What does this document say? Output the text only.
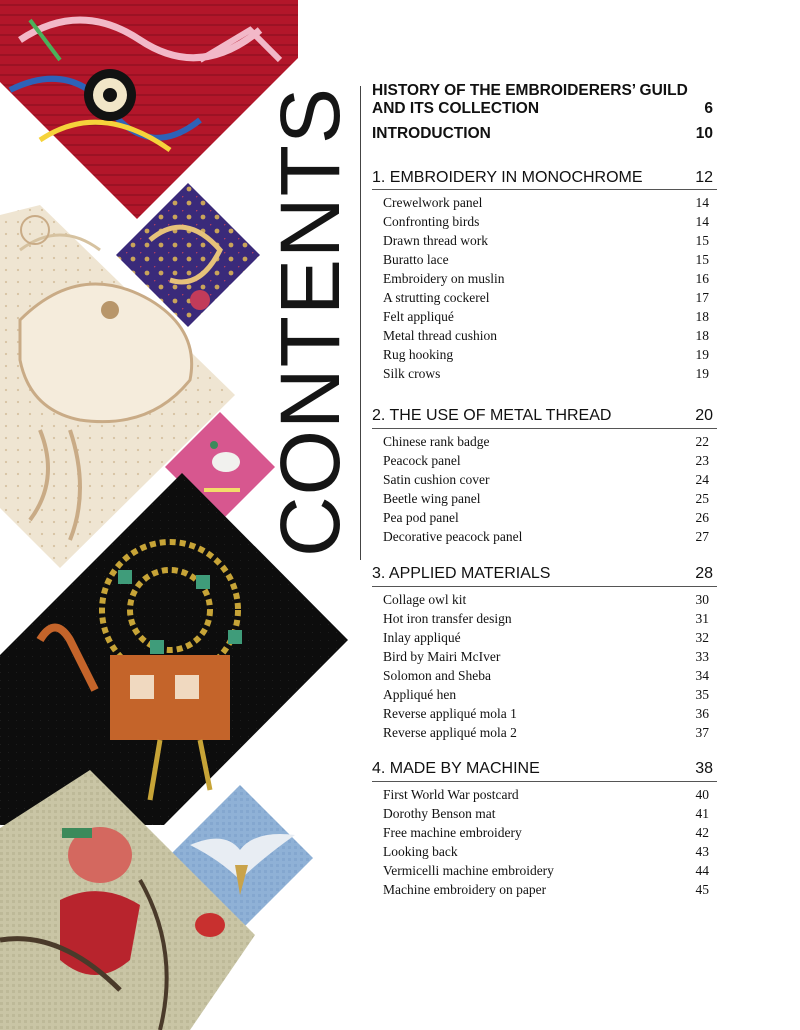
CONTENTS HISTORY OF THE EMBROIDERERS’ GUILD
AND ITS COLLECTION	6
INTRODUCTION	10
1. EMBROIDERY IN MONOCHROME	12
Crewelwork panel	14
Confronting birds	14
Drawn thread work	15
Buratto lace	15
Embroidery on muslin	16
A strutting cockerel	17
Felt appliqué	18
Metal thread cushion	18
Rug hooking	19
Silk crows	19
2. THE USE OF METAL THREAD	20
Chinese rank badge	22
Peacock panel	23
Satin cushion cover	24
Beetle wing panel	25
Pea pod panel	26
Decorative peacock panel	27
3. APPLIED MATERIALS	28
Collage owl kit	30
Hot iron transfer design	31
Inlay appliqué	32
Bird by Mairi McIver	33
Solomon and Sheba	34
Appliqué hen	35
Reverse appliqué mola 1	36
Reverse appliqué mola 2	37
4. MADE BY MACHINE	38
First World War postcard	40
Dorothy Benson mat	41
Free machine embroidery	42
Looking back	43
Vermicelli machine embroidery	44
Machine embroidery on paper	45
